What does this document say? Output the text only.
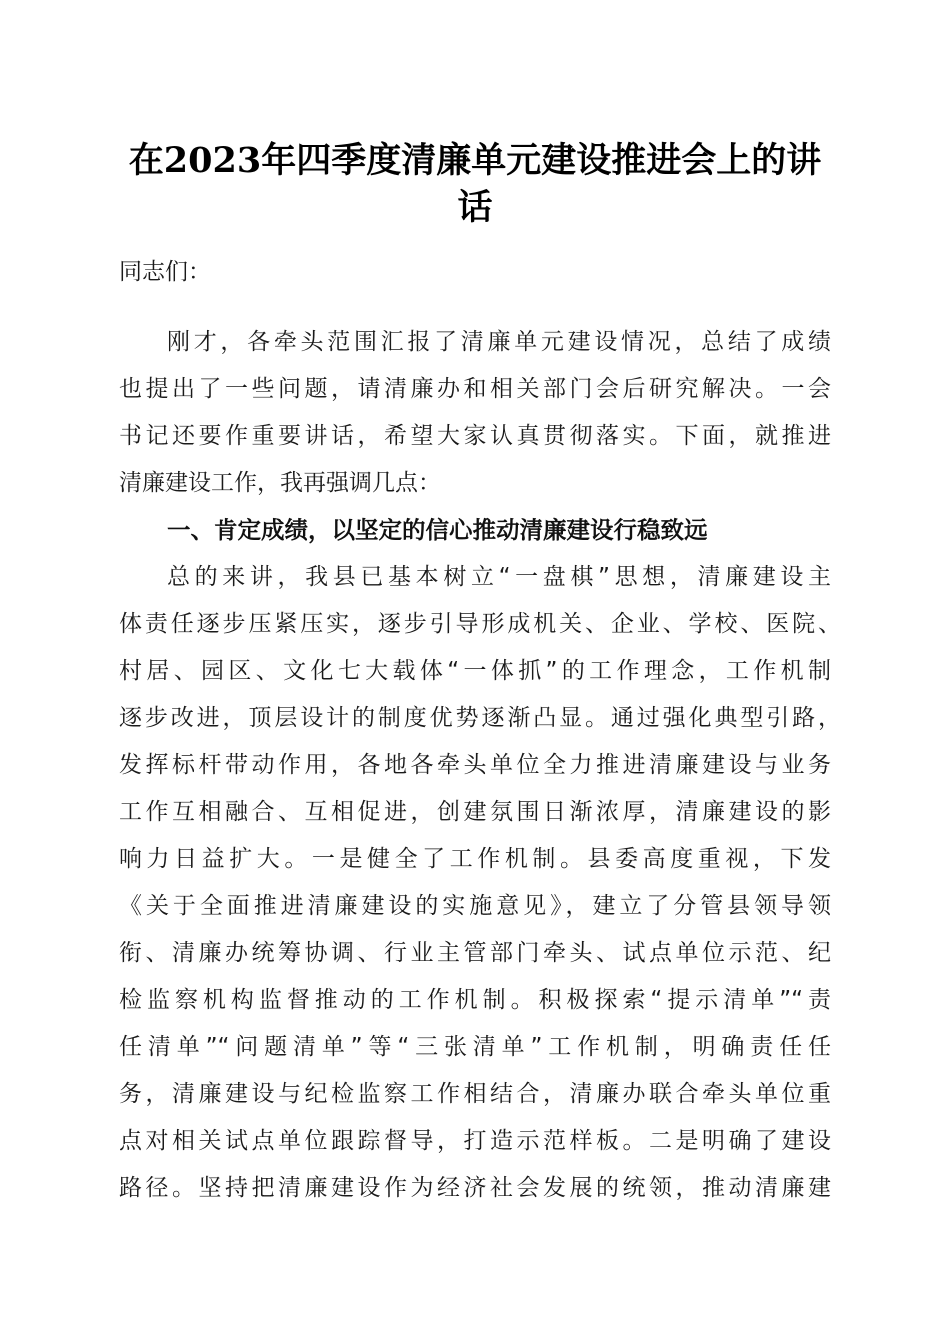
在2023年四季度清廉单元建设推进会上的讲
话
同志们：
刚才，各牵头范围汇报了清廉单元建设情况，总结了成绩
也提出了一些问题，请清廉办和相关部门会后研究解决。一会
书记还要作重要讲话，希望大家认真贯彻落实。下面，就推进
清廉建设工作，我再强调几点：
一、肯定成绩，以坚定的信心推动清廉建设行稳致远
总的来讲，我县已基本树立“一盘棋”思想，清廉建设主
体责任逐步压紧压实，逐步引导形成机关、企业、学校、医院、
村居、园区、文化七大载体“一体抓”的工作理念，工作机制
逐步改进，顶层设计的制度优势逐渐凸显。通过强化典型引路，
发挥标杆带动作用，各地各牵头单位全力推进清廉建设与业务
工作互相融合、互相促进，创建氛围日渐浓厚，清廉建设的影
响力日益扩大。一是健全了工作机制。县委高度重视，下发
《关于全面推进清廉建设的实施意见》，建立了分管县领导领
衔、清廉办统筹协调、行业主管部门牵头、试点单位示范、纪
检监察机构监督推动的工作机制。积极探索“提示清单”“责
任清单”“问题清单”等“三张清单”工作机制，明确责任任
务，清廉建设与纪检监察工作相结合，清廉办联合牵头单位重
点对相关试点单位跟踪督导，打造示范样板。二是明确了建设
路径。坚持把清廉建设作为经济社会发展的统领，推动清廉建
